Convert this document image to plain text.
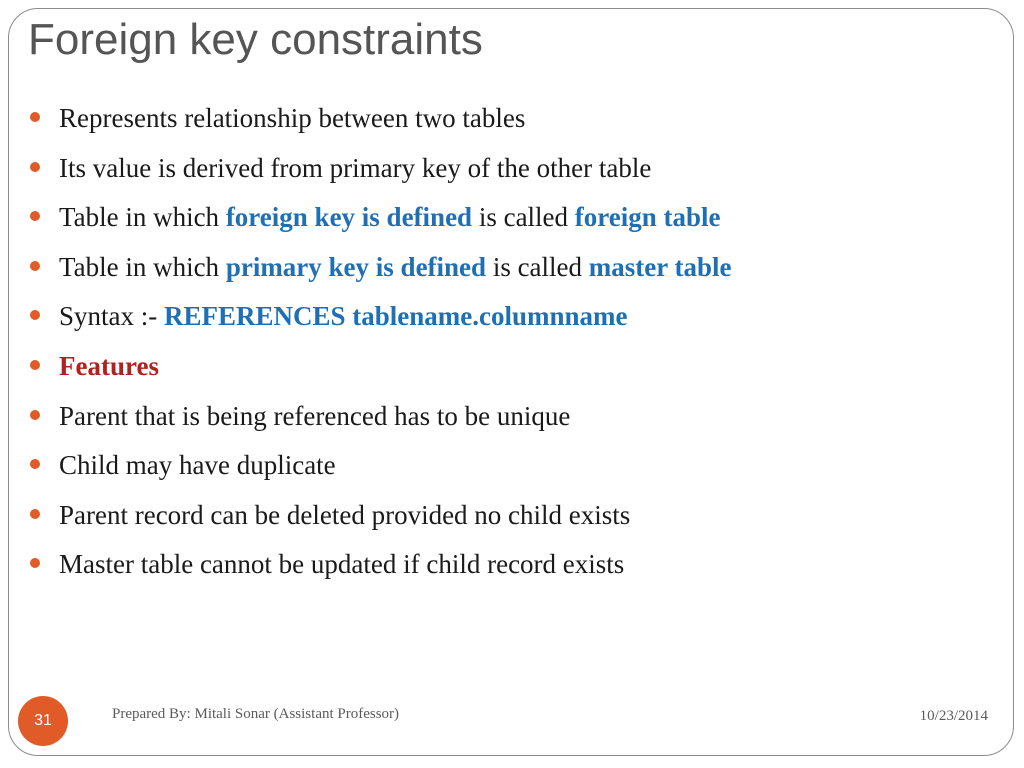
Foreign key constraints
Represents relationship between two tables
Its value is derived from primary key of the other table
Table in which foreign key is defined is called foreign table
Table in which primary key is defined is called master table
Syntax :- REFERENCES tablename.columnname
Features
Parent that is being referenced has to be unique
Child may have duplicate
Parent record can be deleted provided no child exists
Master table cannot be updated if child record exists
31	Prepared By: Mitali Sonar (Assistant Professor)	10/23/2014
